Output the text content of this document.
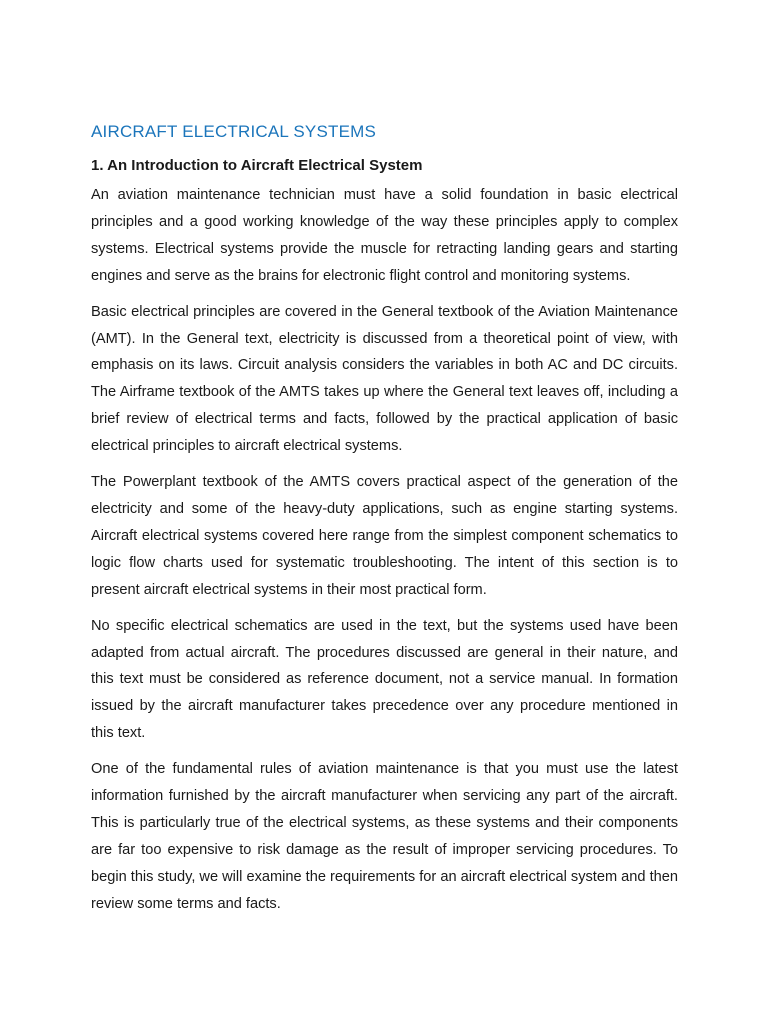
AIRCRAFT ELECTRICAL SYSTEMS
1. An Introduction to Aircraft Electrical System

An aviation maintenance technician must have a solid foundation in basic electrical principles and a good working knowledge of the way these principles apply to complex systems. Electrical systems provide the muscle for retracting landing gears and starting engines and serve as the brains for electronic flight control and monitoring systems.

Basic electrical principles are covered in the General textbook of the Aviation Maintenance (AMT). In the General text, electricity is discussed from a theoretical point of view, with emphasis on its laws. Circuit analysis considers the variables in both AC and DC circuits. The Airframe textbook of the AMTS takes up where the General text leaves off, including a brief review of electrical terms and facts, followed by the practical application of basic electrical principles to aircraft electrical systems.

The Powerplant textbook of the AMTS covers practical aspect of the generation of the electricity and some of the heavy-duty applications, such as engine starting systems. Aircraft electrical systems covered here range from the simplest component schematics to logic flow charts used for systematic troubleshooting. The intent of this section is to present aircraft electrical systems in their most practical form.

No specific electrical schematics are used in the text, but the systems used have been adapted from actual aircraft. The procedures discussed are general in their nature, and this text must be considered as reference document, not a service manual. In formation issued by the aircraft manufacturer takes precedence over any procedure mentioned in this text.

One of the fundamental rules of aviation maintenance is that you must use the latest information furnished by the aircraft manufacturer when servicing any part of the aircraft. This is particularly true of the electrical systems, as these systems and their components are far too expensive to risk damage as the result of improper servicing procedures. To begin this study, we will examine the requirements for an aircraft electrical system and then review some terms and facts.
